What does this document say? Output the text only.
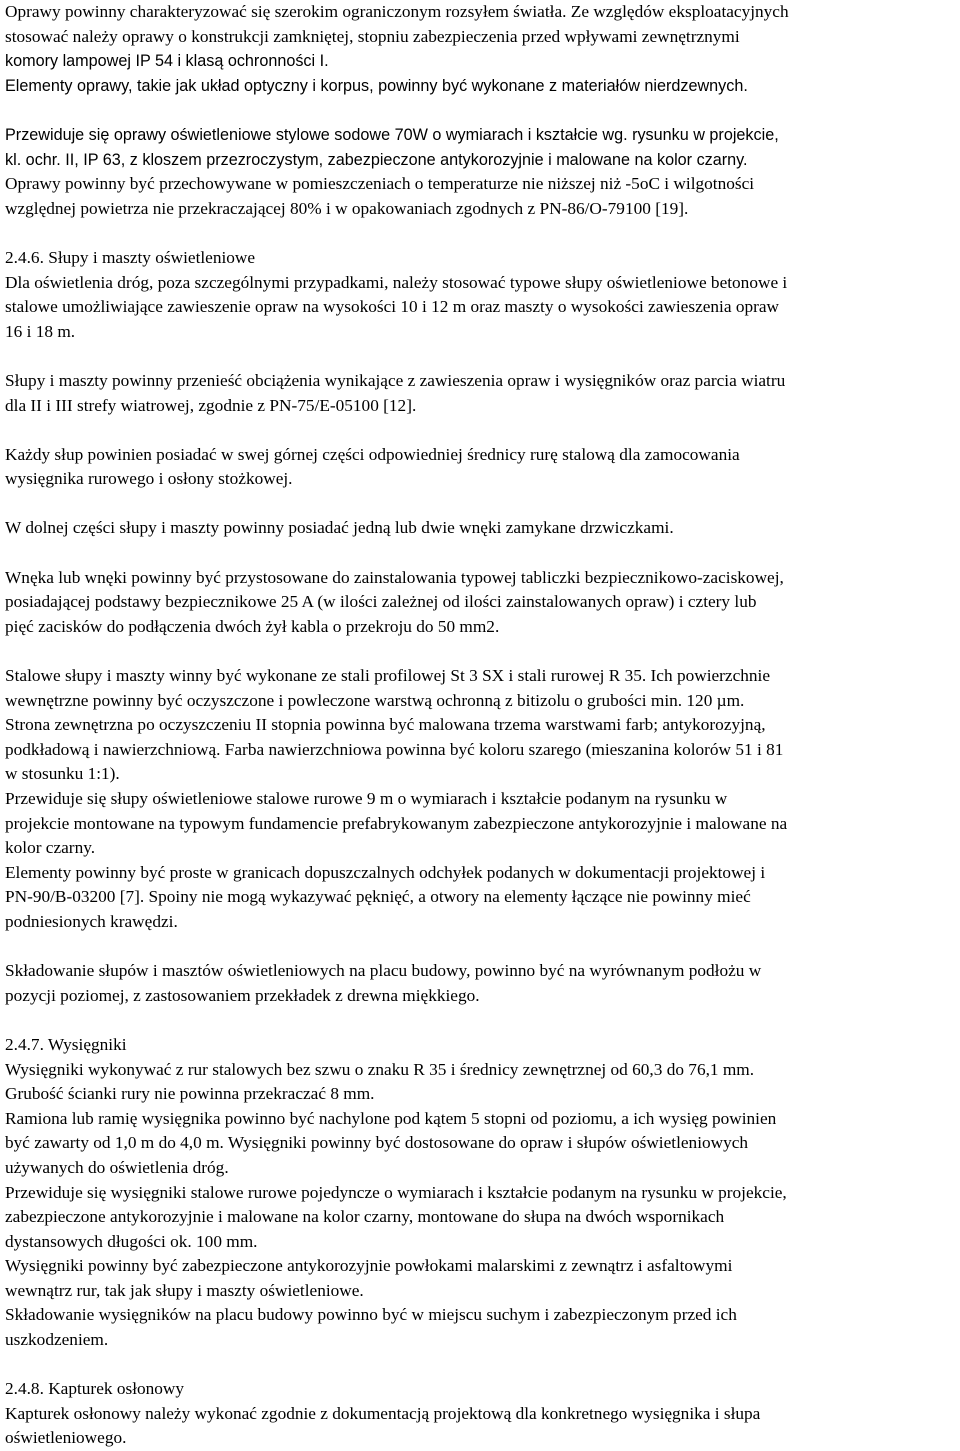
Oprawy powinny charakteryzować się szerokim ograniczonym rozsyłem światła. Ze względów eksploatacyjnych
stosować należy oprawy o konstrukcji zamkniętej, stopniu zabezpieczenia przed wpływami zewnętrznymi
komory lampowej IP 54 i klasą ochronności I.
Elementy oprawy, takie jak układ optyczny i korpus, powinny być wykonane z materiałów nierdzewnych.
Przewiduje się oprawy oświetleniowe stylowe sodowe 70W o wymiarach i kształcie wg. rysunku w projekcie,
kl. ochr. II, IP 63, z kloszem przezroczystym, zabezpieczone antykorozyjnie i malowane na kolor czarny.
Oprawy powinny być przechowywane w pomieszczeniach o temperaturze nie niższej niż -5oC i wilgotności
względnej powietrza nie przekraczającej 80% i w opakowaniach zgodnych z PN-86/O-79100 [19].
2.4.6. Słupy i maszty oświetleniowe
Dla oświetlenia dróg, poza szczególnymi przypadkami, należy stosować typowe słupy oświetleniowe betonowe i
stalowe umożliwiające zawieszenie opraw na wysokości 10 i 12 m oraz maszty o wysokości zawieszenia opraw
16 i 18 m.
Słupy i maszty powinny przenieść obciążenia wynikające z zawieszenia opraw i wysięgników oraz parcia wiatru
dla II i III strefy wiatrowej, zgodnie z PN-75/E-05100 [12].
Każdy słup powinien posiadać w swej górnej części odpowiedniej średnicy rurę stalową dla zamocowania
wysięgnika rurowego i osłony stożkowej.
W dolnej części słupy i maszty powinny posiadać jedną lub dwie wnęki zamykane drzwiczkami.
Wnęka lub wnęki powinny być przystosowane do zainstalowania typowej tabliczki bezpiecznikowo-zaciskowej,
posiadającej podstawy bezpiecznikowe 25 A (w ilości zależnej od ilości zainstalowanych opraw) i cztery lub
pięć zacisków do podłączenia dwóch żył kabla o przekroju do 50 mm2.
Stalowe słupy i maszty winny być wykonane ze stali profilowej St 3 SX i stali rurowej R 35. Ich powierzchnie
wewnętrzne powinny być oczyszczone i powleczone warstwą ochronną z bitizolu o grubości min. 120 µm.
Strona zewnętrzna po oczyszczeniu II stopnia powinna być malowana trzema warstwami farb; antykorozyjną,
podkładową i nawierzchniową. Farba nawierzchniowa powinna być koloru szarego (mieszanina kolorów 51 i 81
w stosunku 1:1).
Przewiduje się słupy oświetleniowe stalowe rurowe 9 m o wymiarach i kształcie podanym na rysunku w
projekcie montowane na typowym fundamencie prefabrykowanym zabezpieczone antykorozyjnie i malowane na
kolor czarny.
Elementy powinny być proste w granicach dopuszczalnych odchyłek podanych w dokumentacji projektowej i
PN-90/B-03200 [7]. Spoiny nie mogą wykazywać pęknięć, a otwory na elementy łączące nie powinny mieć
podniesionych krawędzi.
Składowanie słupów i masztów oświetleniowych na placu budowy, powinno być na wyrównanym podłożu w
pozycji poziomej, z zastosowaniem przekładek z drewna miękkiego.
2.4.7. Wysięgniki
Wysięgniki wykonywać z rur stalowych bez szwu o znaku R 35 i średnicy zewnętrznej od 60,3 do 76,1 mm.
Grubość ścianki rury nie powinna przekraczać 8 mm.
Ramiona lub ramię wysięgnika powinno być nachylone pod kątem 5 stopni od poziomu, a ich wysięg powinien
być zawarty od 1,0 m do 4,0 m. Wysięgniki powinny być dostosowane do opraw i słupów oświetleniowych
używanych do oświetlenia dróg.
Przewiduje się wysięgniki stalowe rurowe pojedyncze o wymiarach i kształcie podanym na rysunku w projekcie,
zabezpieczone antykorozyjnie i malowane na kolor czarny, montowane do słupa na dwóch wspornikach
dystansowych długości ok. 100 mm.
Wysięgniki powinny być zabezpieczone antykorozyjnie powłokami malarskimi z zewnątrz i asfaltowymi
wewnątrz rur, tak jak słupy i maszty oświetleniowe.
Składowanie wysięgników na placu budowy powinno być w miejscu suchym i zabezpieczonym przed ich
uszkodzeniem.
2.4.8. Kapturek osłonowy
Kapturek osłonowy należy wykonać zgodnie z dokumentacją projektową dla konkretnego wysięgnika i słupa
oświetleniowego.
